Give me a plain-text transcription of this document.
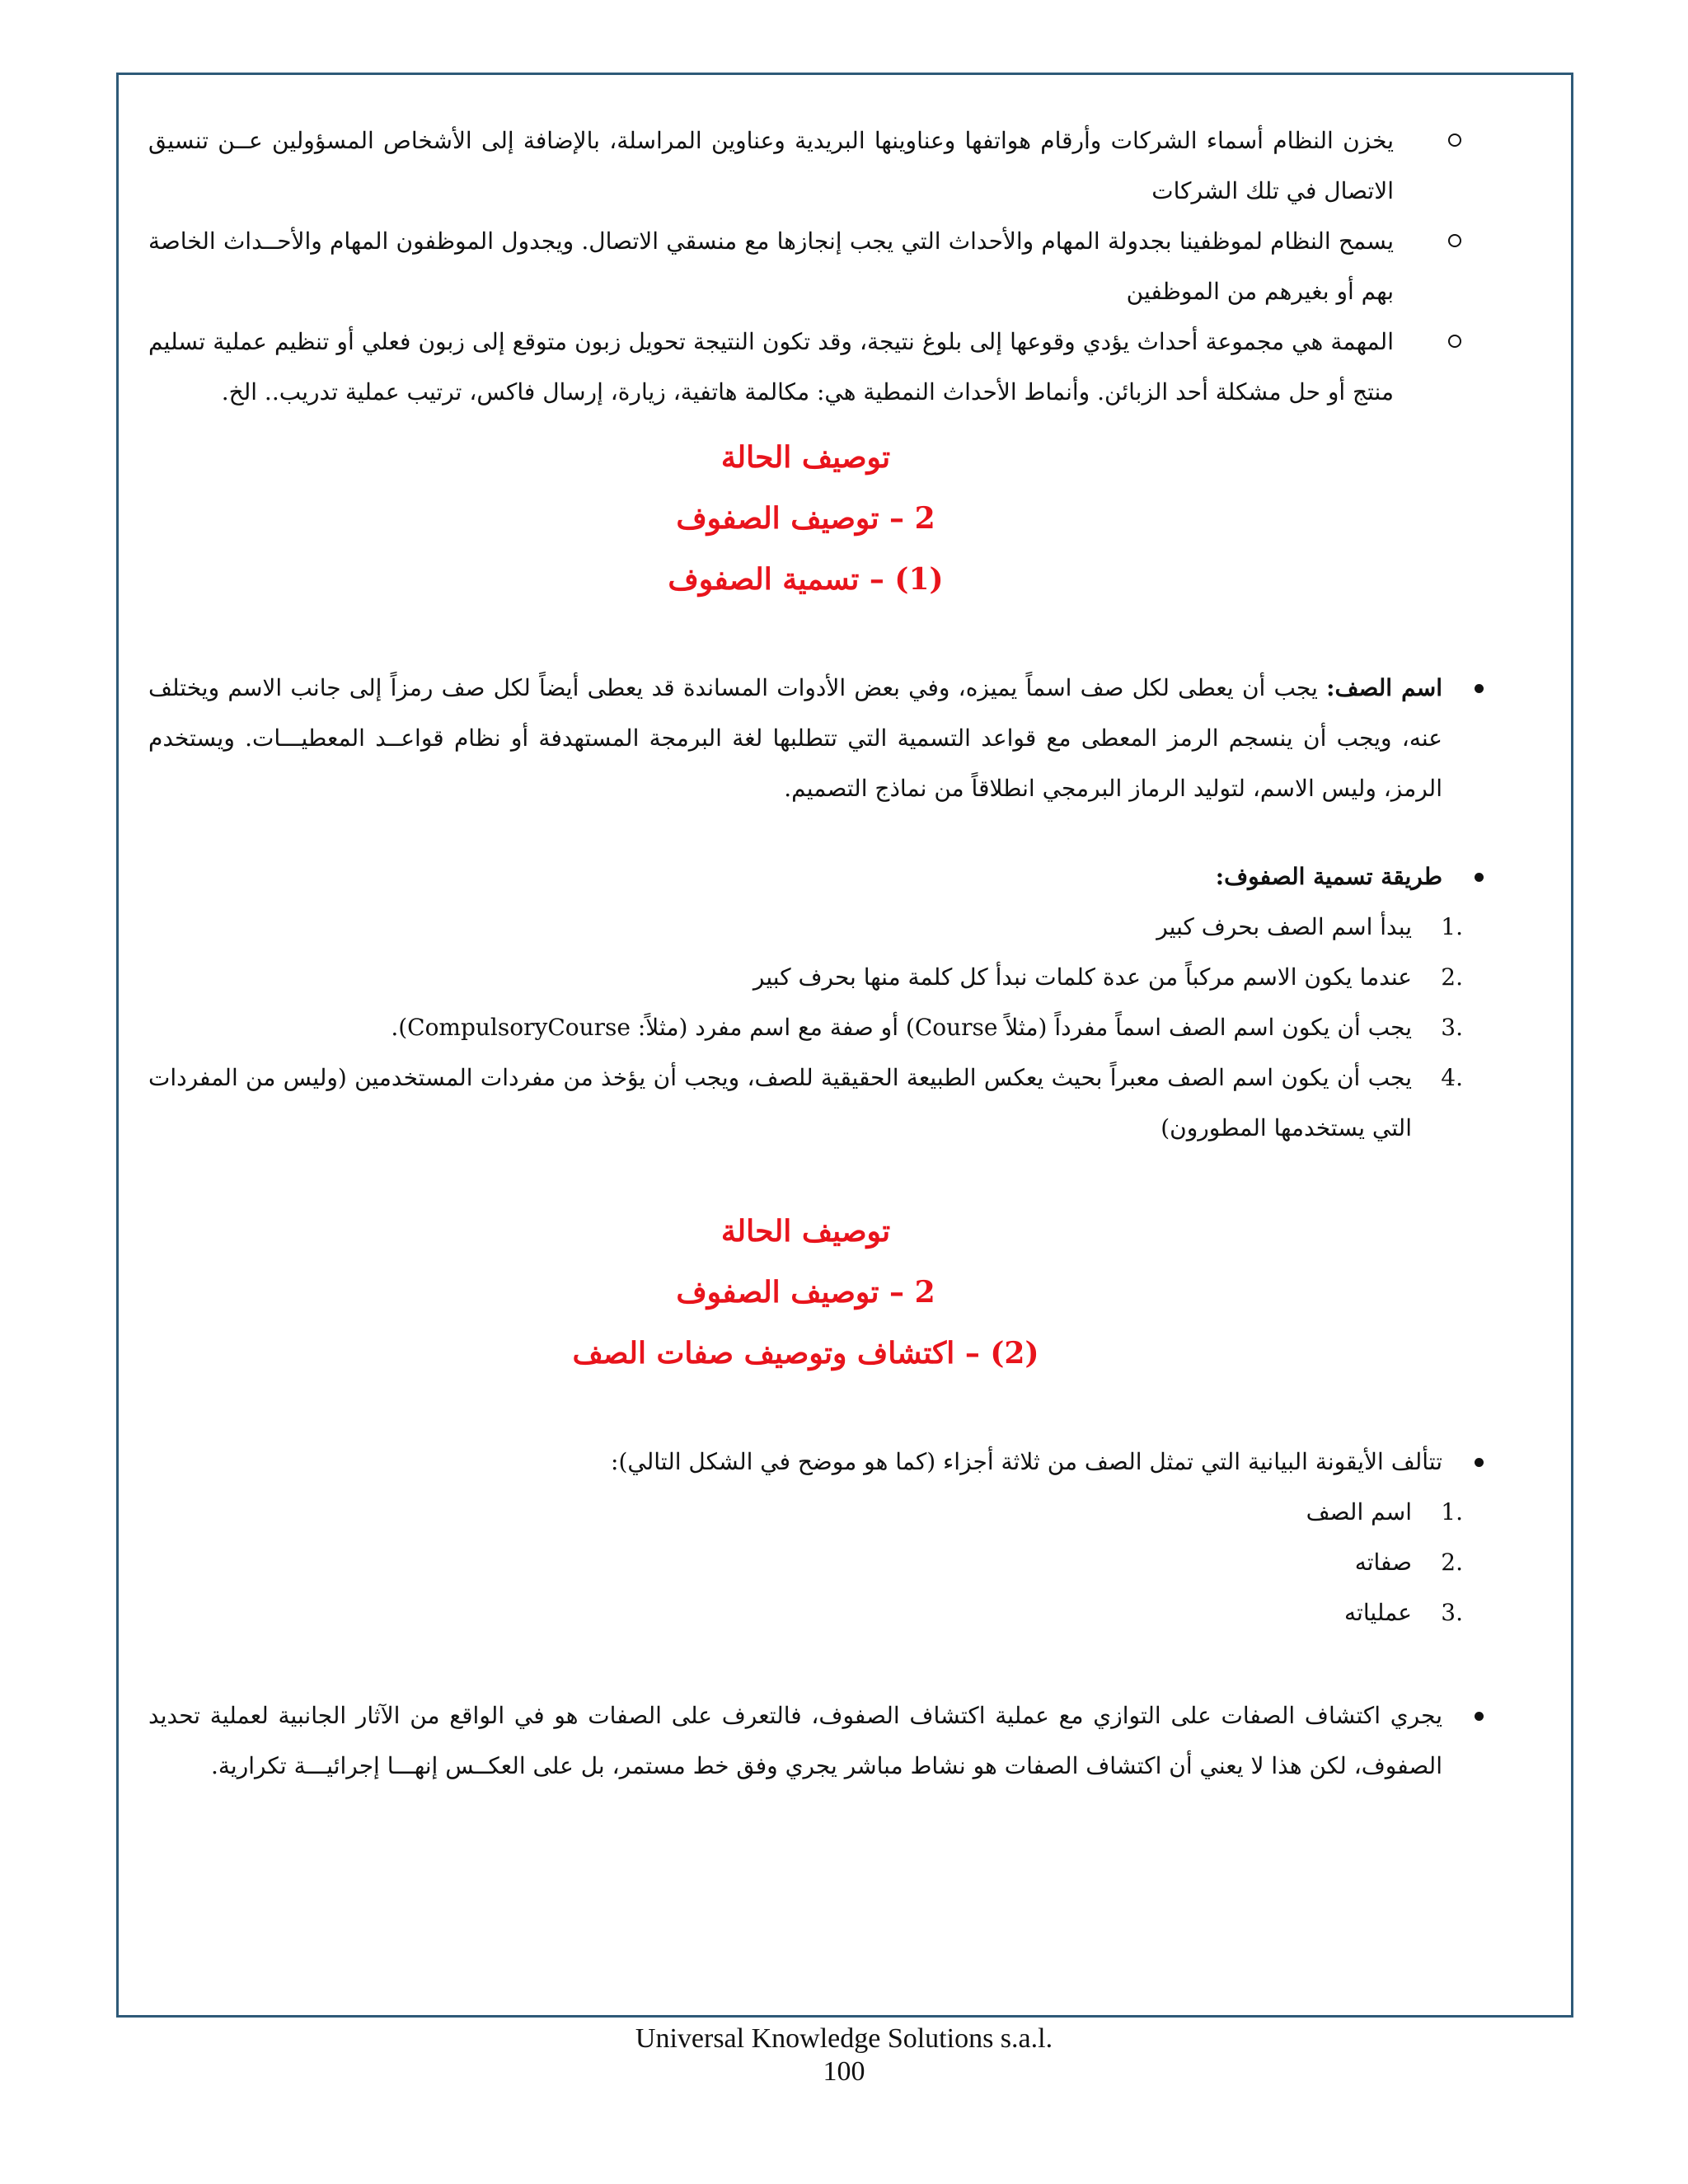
يخزن النظام أسماء الشركات وأرقام هواتفها وعناوينها البريدية وعناوين المراسلة، بالإضافة إلى الأشخاص المسؤولين عــن تنسيق الاتصال في تلك الشركات
يسمح النظام لموظفينا بجدولة المهام والأحداث التي يجب إنجازها مع منسقي الاتصال. ويجدول الموظفون المهام والأحــداث الخاصة بهم أو بغيرهم من الموظفين
المهمة هي مجموعة أحداث يؤدي وقوعها إلى بلوغ نتيجة، وقد تكون النتيجة تحويل زبون متوقع إلى زبون فعلي أو تنظيم عملية تسليم منتج أو حل مشكلة أحد الزبائن. وأنماط الأحداث النمطية هي: مكالمة هاتفية، زيارة، إرسال فاكس، ترتيب عملية تدريب.. الخ.
توصيف الحالة
2 – توصيف الصفوف
(1) – تسمية الصفوف
اسم الصف: يجب أن يعطى لكل صف اسماً يميزه، وفي بعض الأدوات المساندة قد يعطى أيضاً لكل صف رمزاً إلى جانب الاسم ويختلف عنه، ويجب أن ينسجم الرمز المعطى مع قواعد التسمية التي تتطلبها لغة البرمجة المستهدفة أو نظام قواعــد المعطيـــات. ويستخدم الرمز، وليس الاسم، لتوليد الرماز البرمجي انطلاقاً من نماذج التصميم.
طريقة تسمية الصفوف:
1.
يبدأ اسم الصف بحرف كبير
2.
عندما يكون الاسم مركباً من عدة كلمات نبدأ كل كلمة منها بحرف كبير
3.
يجب أن يكون اسم الصف اسماً مفرداً (مثلاً Course) أو صفة مع اسم مفرد (مثلاً: CompulsoryCourse).
4.
يجب أن يكون اسم الصف معبراً بحيث يعكس الطبيعة الحقيقية للصف، ويجب أن يؤخذ من مفردات المستخدمين (وليس من المفردات التي يستخدمها المطورون)
توصيف الحالة
2 – توصيف الصفوف
(2) – اكتشاف وتوصيف صفات الصف
تتألف الأيقونة البيانية التي تمثل الصف من ثلاثة أجزاء (كما هو موضح في الشكل التالي):
1.
اسم الصف
2.
صفاته
3.
عملياته
يجري اكتشاف الصفات على التوازي مع عملية اكتشاف الصفوف، فالتعرف على الصفات هو في الواقع من الآثار الجانبية لعملية تحديد الصفوف، لكن هذا لا يعني أن اكتشاف الصفات هو نشاط مباشر يجري وفق خط مستمر، بل على العكــس إنهـــا إجرائيـــة تكرارية.
Universal Knowledge Solutions s.a.l.
100
